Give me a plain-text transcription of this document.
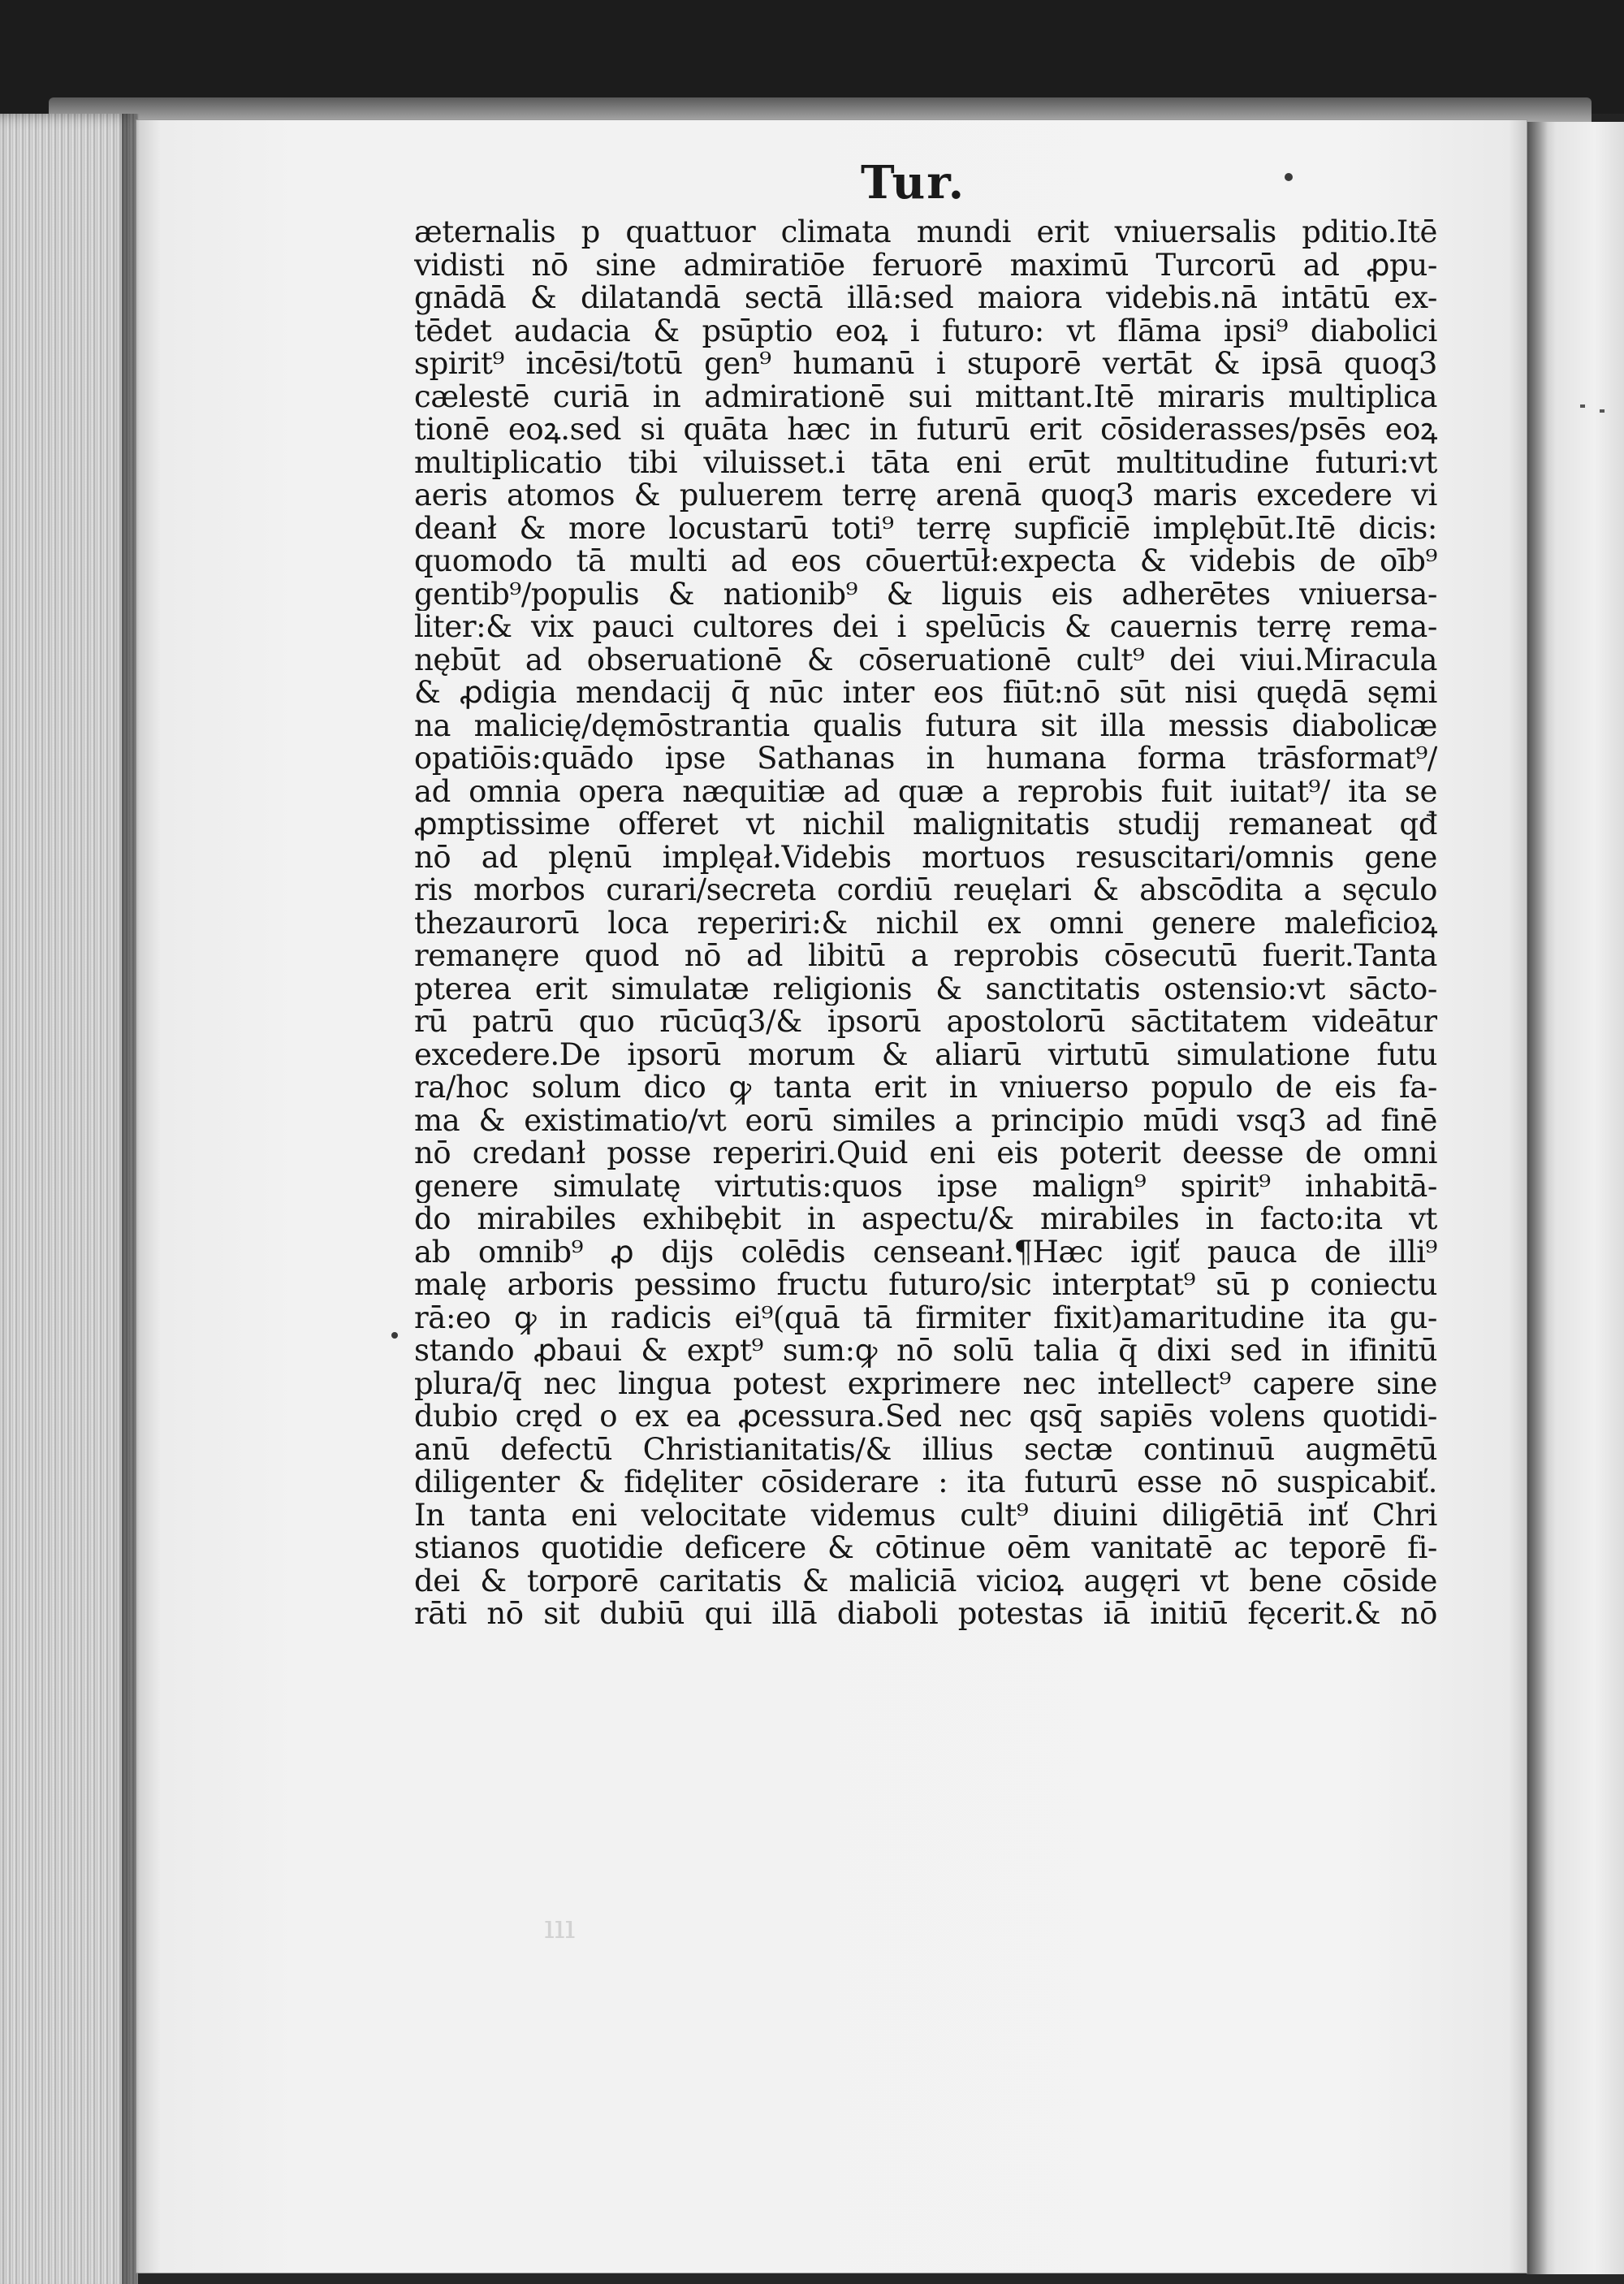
Tur.
æternalis p quattuor climata mundi erit vniuersalis pditio.Itē
vidisti nō sine admiratiōe feruorē maximū Turcorū ad ꝓpu-
gnādā & dilatandā sectā illā:sed maiora videbis.nā intātū ex-
tēdet audacia & psūptio eoꝝ i futuro: vt flāma ipsi⁹ diabolici
spirit⁹ incēsi/totū gen⁹ humanū i stuporē vertāt & ipsā quoq3
cælestē curiā in admirationē sui mittant.Itē miraris multiplica
tionē eoꝝ.sed si quāta hæc in futurū erit cōsiderasses/psēs eoꝝ
multiplicatio tibi viluisset.i tāta eni erūt multitudine futuri:vt
aeris atomos & puluerem terrę arenā quoq3 maris excedere vi
deanł & more locustarū toti⁹ terrę supficiē implębūt.Itē dicis:
quomodo tā multi ad eos cōuertūł:expecta & videbis de oīb⁹
gentib⁹/populis & nationib⁹ & liguis eis adherētes vniuersa-
liter:& vix pauci cultores dei i spelūcis & cauernis terrę rema-
nębūt ad obseruationē & cōseruationē cult⁹ dei viui.Miracula
& ꝓdigia mendacij q̄ nūc inter eos fiūt:nō sūt nisi quędā sęmi
na malicię/dęmōstrantia qualis futura sit illa messis diabolicæ
opatiōis:quādo ipse Sathanas in humana forma trāsformat⁹/
ad omnia opera næquitiæ ad quæ a reprobis fuit iuitat⁹/ ita se
ꝓmptissime offeret vt nichil malignitatis studij remaneat qđ
nō ad plęnū implęał.Videbis mortuos resuscitari/omnis gene
ris morbos curari/secreta cordiū reuęlari & abscōdita a sęculo
thezaurorū loca reperiri:& nichil ex omni genere maleficioꝝ
remanęre quod nō ad libitū a reprobis cōsecutū fuerit.Tanta
pterea erit simulatæ religionis & sanctitatis ostensio:vt sācto-
rū patrū quo rūcūq3/& ipsorū apostolorū sāctitatem videātur
excedere.De ipsorū morum & aliarū virtutū simulatione futu
ra/hoc solum dico ꝙ tanta erit in vniuerso populo de eis fa-
ma & existimatio/vt eorū similes a principio mūdi vsq3 ad finē
nō credanł posse reperiri.Quid eni eis poterit deesse de omni
genere simulatę virtutis:quos ipse malign⁹ spirit⁹ inhabitā-
do mirabiles exhibębit in aspectu/& mirabiles in facto:ita vt
ab omnib⁹ ꝓ dijs colēdis censeanł.¶Hæc igiť pauca de illi⁹
malę arboris pessimo fructu futuro/sic interptat⁹ sū p coniectu
rā:eo ꝙ in radicis ei⁹(quā tā firmiter fixit)amaritudine ita gu-
stando ꝓbaui & expt⁹ sum:ꝙ nō solū talia q̄ dixi sed in ifinitū
plura/q̄ nec lingua potest exprimere nec intellect⁹ capere sine
dubio cręd o ex ea ꝓcessura.Sed nec qsq̄ sapiēs volens quotidi-
anū defectū Christianitatis/& illius sectæ continuū augmētū
diligenter & fidęliter cōsiderare : ita futurū esse nō suspicabiť.
In tanta eni velocitate videmus cult⁹ diuini diligētiā inť Chri
stianos quotidie deficere & cōtinue oēm vanitatē ac teporē fi-
dei & torporē caritatis & maliciā vicioꝝ augęri vt bene cōside
rāti nō sit dubiū qui illā diaboli potestas iā initiū fęcerit.& nō
ııı
